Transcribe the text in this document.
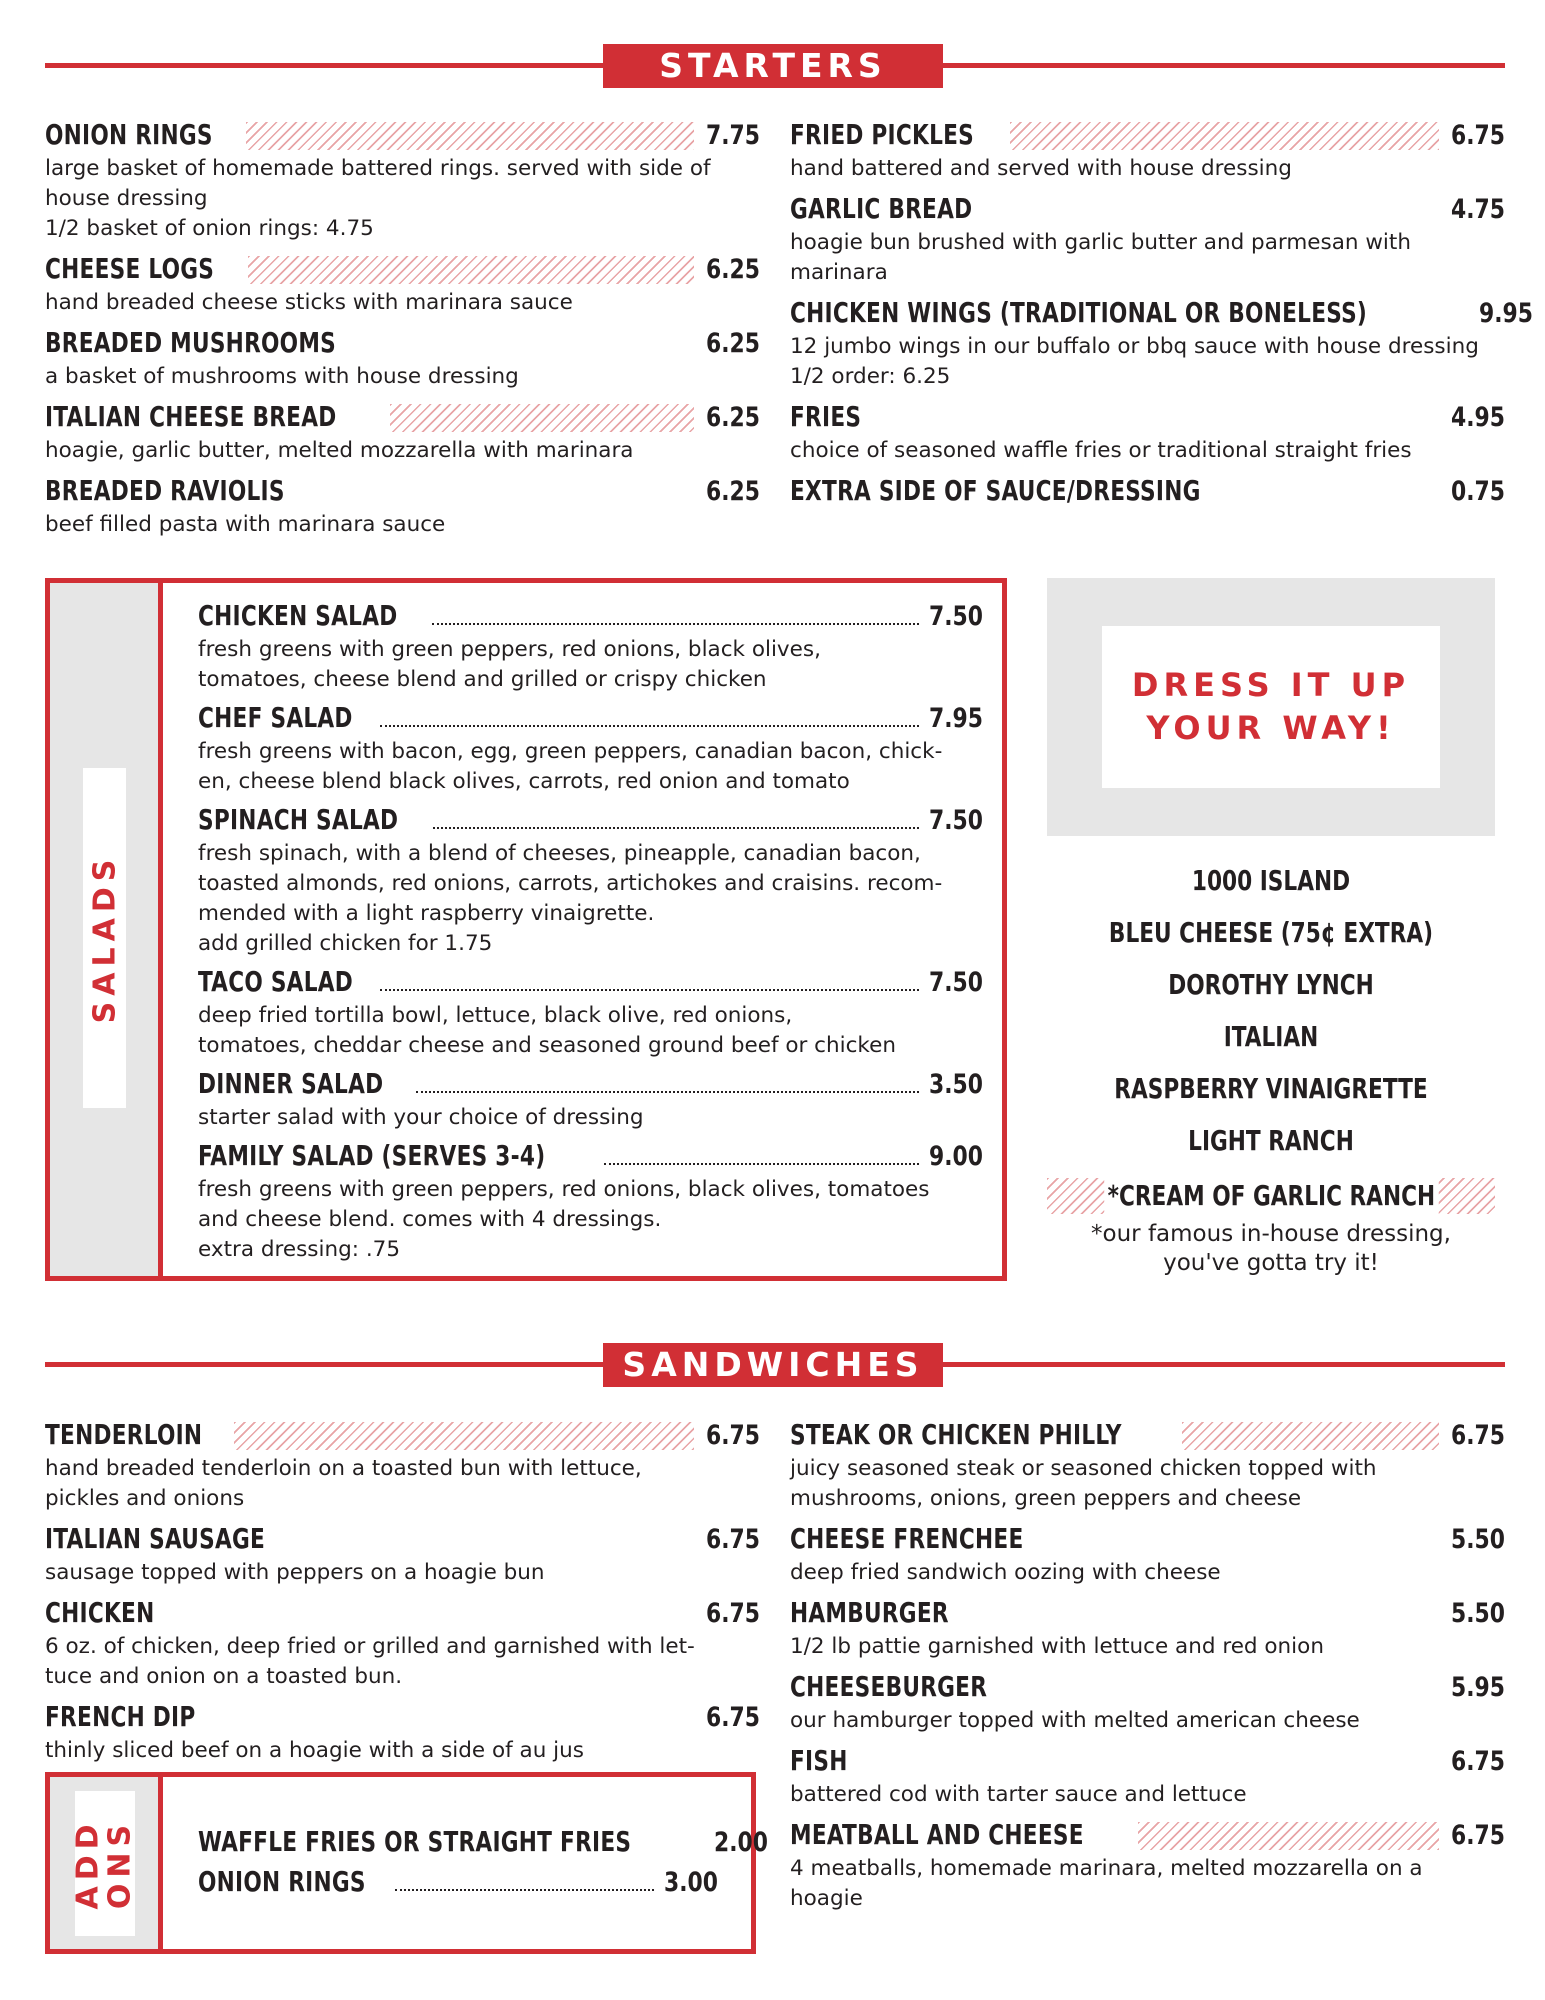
STARTERS
ONION RINGS	7.75
large basket of homemade battered rings. served with side of
house dressing
1/2 basket of onion rings: 4.75
CHEESE LOGS	6.25
hand breaded cheese sticks with marinara sauce
BREADED MUSHROOMS	6.25
a basket of mushrooms with house dressing
ITALIAN CHEESE BREAD	6.25
hoagie, garlic butter, melted mozzarella with marinara
BREADED RAVIOLIS	6.25
beef filled pasta with marinara sauce
FRIED PICKLES	6.75
hand battered and served with house dressing
GARLIC BREAD	4.75
hoagie bun brushed with garlic butter and parmesan with
marinara
CHICKEN WINGS (TRADITIONAL OR BONELESS)	9.95
12 jumbo wings in our buffalo or bbq sauce with house dressing
1/2 order: 6.25
FRIES	4.95
choice of seasoned waffle fries or traditional straight fries
EXTRA SIDE OF SAUCE/DRESSING	0.75
SALADS
CHICKEN SALAD	7.50
fresh greens with green peppers, red onions, black olives,
tomatoes, cheese blend and grilled or crispy chicken
CHEF SALAD	7.95
fresh greens with bacon, egg, green peppers, canadian bacon, chick-
en, cheese blend black olives, carrots, red onion and tomato
SPINACH SALAD	7.50
fresh spinach, with a blend of cheeses, pineapple, canadian bacon,
toasted almonds, red onions, carrots, artichokes and craisins. recom-
mended with a light raspberry vinaigrette.
add grilled chicken for 1.75
TACO SALAD	7.50
deep fried tortilla bowl, lettuce, black olive, red onions,
tomatoes, cheddar cheese and seasoned ground beef or chicken
DINNER SALAD	3.50
starter salad with your choice of dressing
FAMILY SALAD (SERVES 3-4)	9.00
fresh greens with green peppers, red onions, black olives, tomatoes
and cheese blend. comes with 4 dressings.
extra dressing: .75
DRESS IT UP
YOUR WAY!
1000 ISLAND
BLEU CHEESE (75¢ EXTRA)
DOROTHY LYNCH
ITALIAN
RASPBERRY VINAIGRETTE
LIGHT RANCH
*CREAM OF GARLIC RANCH
*our famous in-house dressing,
you've gotta try it!
SANDWICHES
TENDERLOIN	6.75
hand breaded tenderloin on a toasted bun with lettuce,
pickles and onions
ITALIAN SAUSAGE	6.75
sausage topped with peppers on a hoagie bun
CHICKEN	6.75
6 oz. of chicken, deep fried or grilled and garnished with let-
tuce and onion on a toasted bun.
FRENCH DIP	6.75
thinly sliced beef on a hoagie with a side of au jus
STEAK OR CHICKEN PHILLY	6.75
juicy seasoned steak or seasoned chicken topped with
mushrooms, onions, green peppers and cheese
CHEESE FRENCHEE	5.50
deep fried sandwich oozing with cheese
HAMBURGER	5.50
1/2 lb pattie garnished with lettuce and red onion
CHEESEBURGER	5.95
our hamburger topped with melted american cheese
FISH	6.75
battered cod with tarter sauce and lettuce
MEATBALL AND CHEESE	6.75
4 meatballs, homemade marinara, melted mozzarella on a
hoagie
ADD
ONS WAFFLE FRIES OR STRAIGHT FRIES	2.00
ONION RINGS	3.00
